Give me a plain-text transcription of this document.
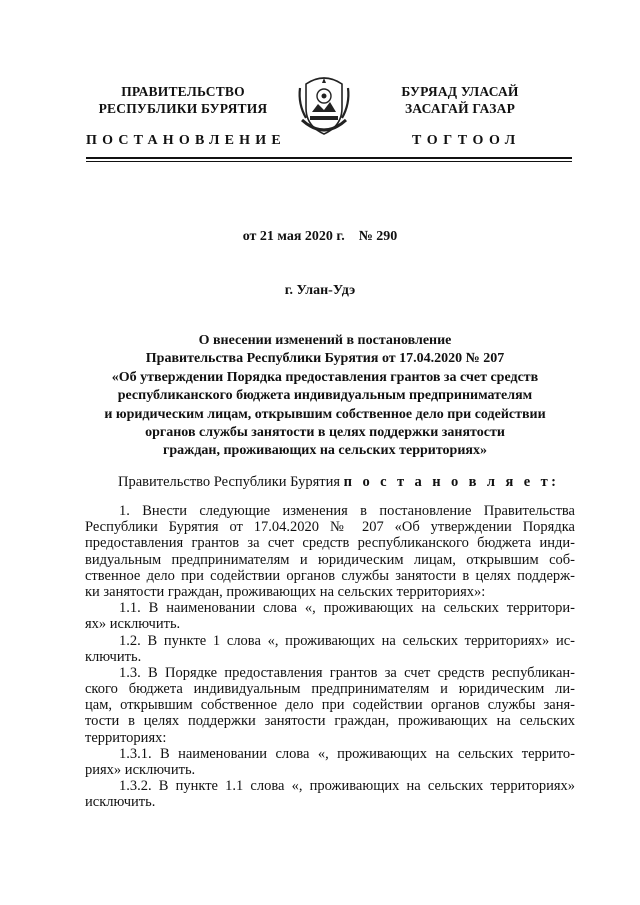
ПРАВИТЕЛЬСТВО
РЕСПУБЛИКИ БУРЯТИЯ
БУРЯАД УЛАСАЙ
ЗАСАГАЙ ГАЗАР
ПОСТАНОВЛЕНИЕ	ТОГТООЛ
от 21 мая 2020 г.    № 290
г. Улан-Удэ
О внесении изменений в постановление
Правительства Республики Бурятия от 17.04.2020 № 207
«Об утверждении Порядка предоставления грантов за счет средств
республиканского бюджета индивидуальным предпринимателям
и юридическим лицам, открывшим собственное дело при содействии
органов службы занятости в целях поддержки занятости
граждан, проживающих на сельских территориях»
Правительство Республики Бурятия п о с т а н о в л я е т:
1. Внести следующие изменения в постановление Правительства
Республики Бурятия от 17.04.2020 № 207 «Об утверждении Порядка
предоставления грантов за счет средств республиканского бюджета инди-
видуальным предпринимателям и юридическим лицам, открывшим соб-
ственное дело при содействии органов службы занятости в целях поддерж-
ки занятости граждан, проживающих на сельских территориях»:
1.1. В наименовании слова «, проживающих на сельских территори-
ях» исключить.
1.2. В пункте 1 слова «, проживающих на сельских территориях» ис-
ключить.
1.3. В Порядке предоставления грантов за счет средств республикан-
ского бюджета индивидуальным предпринимателям и юридическим ли-
цам, открывшим собственное дело при содействии органов службы заня-
тости в целях поддержки занятости граждан, проживающих на сельских
территориях:
1.3.1. В наименовании слова «, проживающих на сельских террито-
риях» исключить.
1.3.2. В пункте 1.1 слова «, проживающих на сельских территориях»
исключить.
